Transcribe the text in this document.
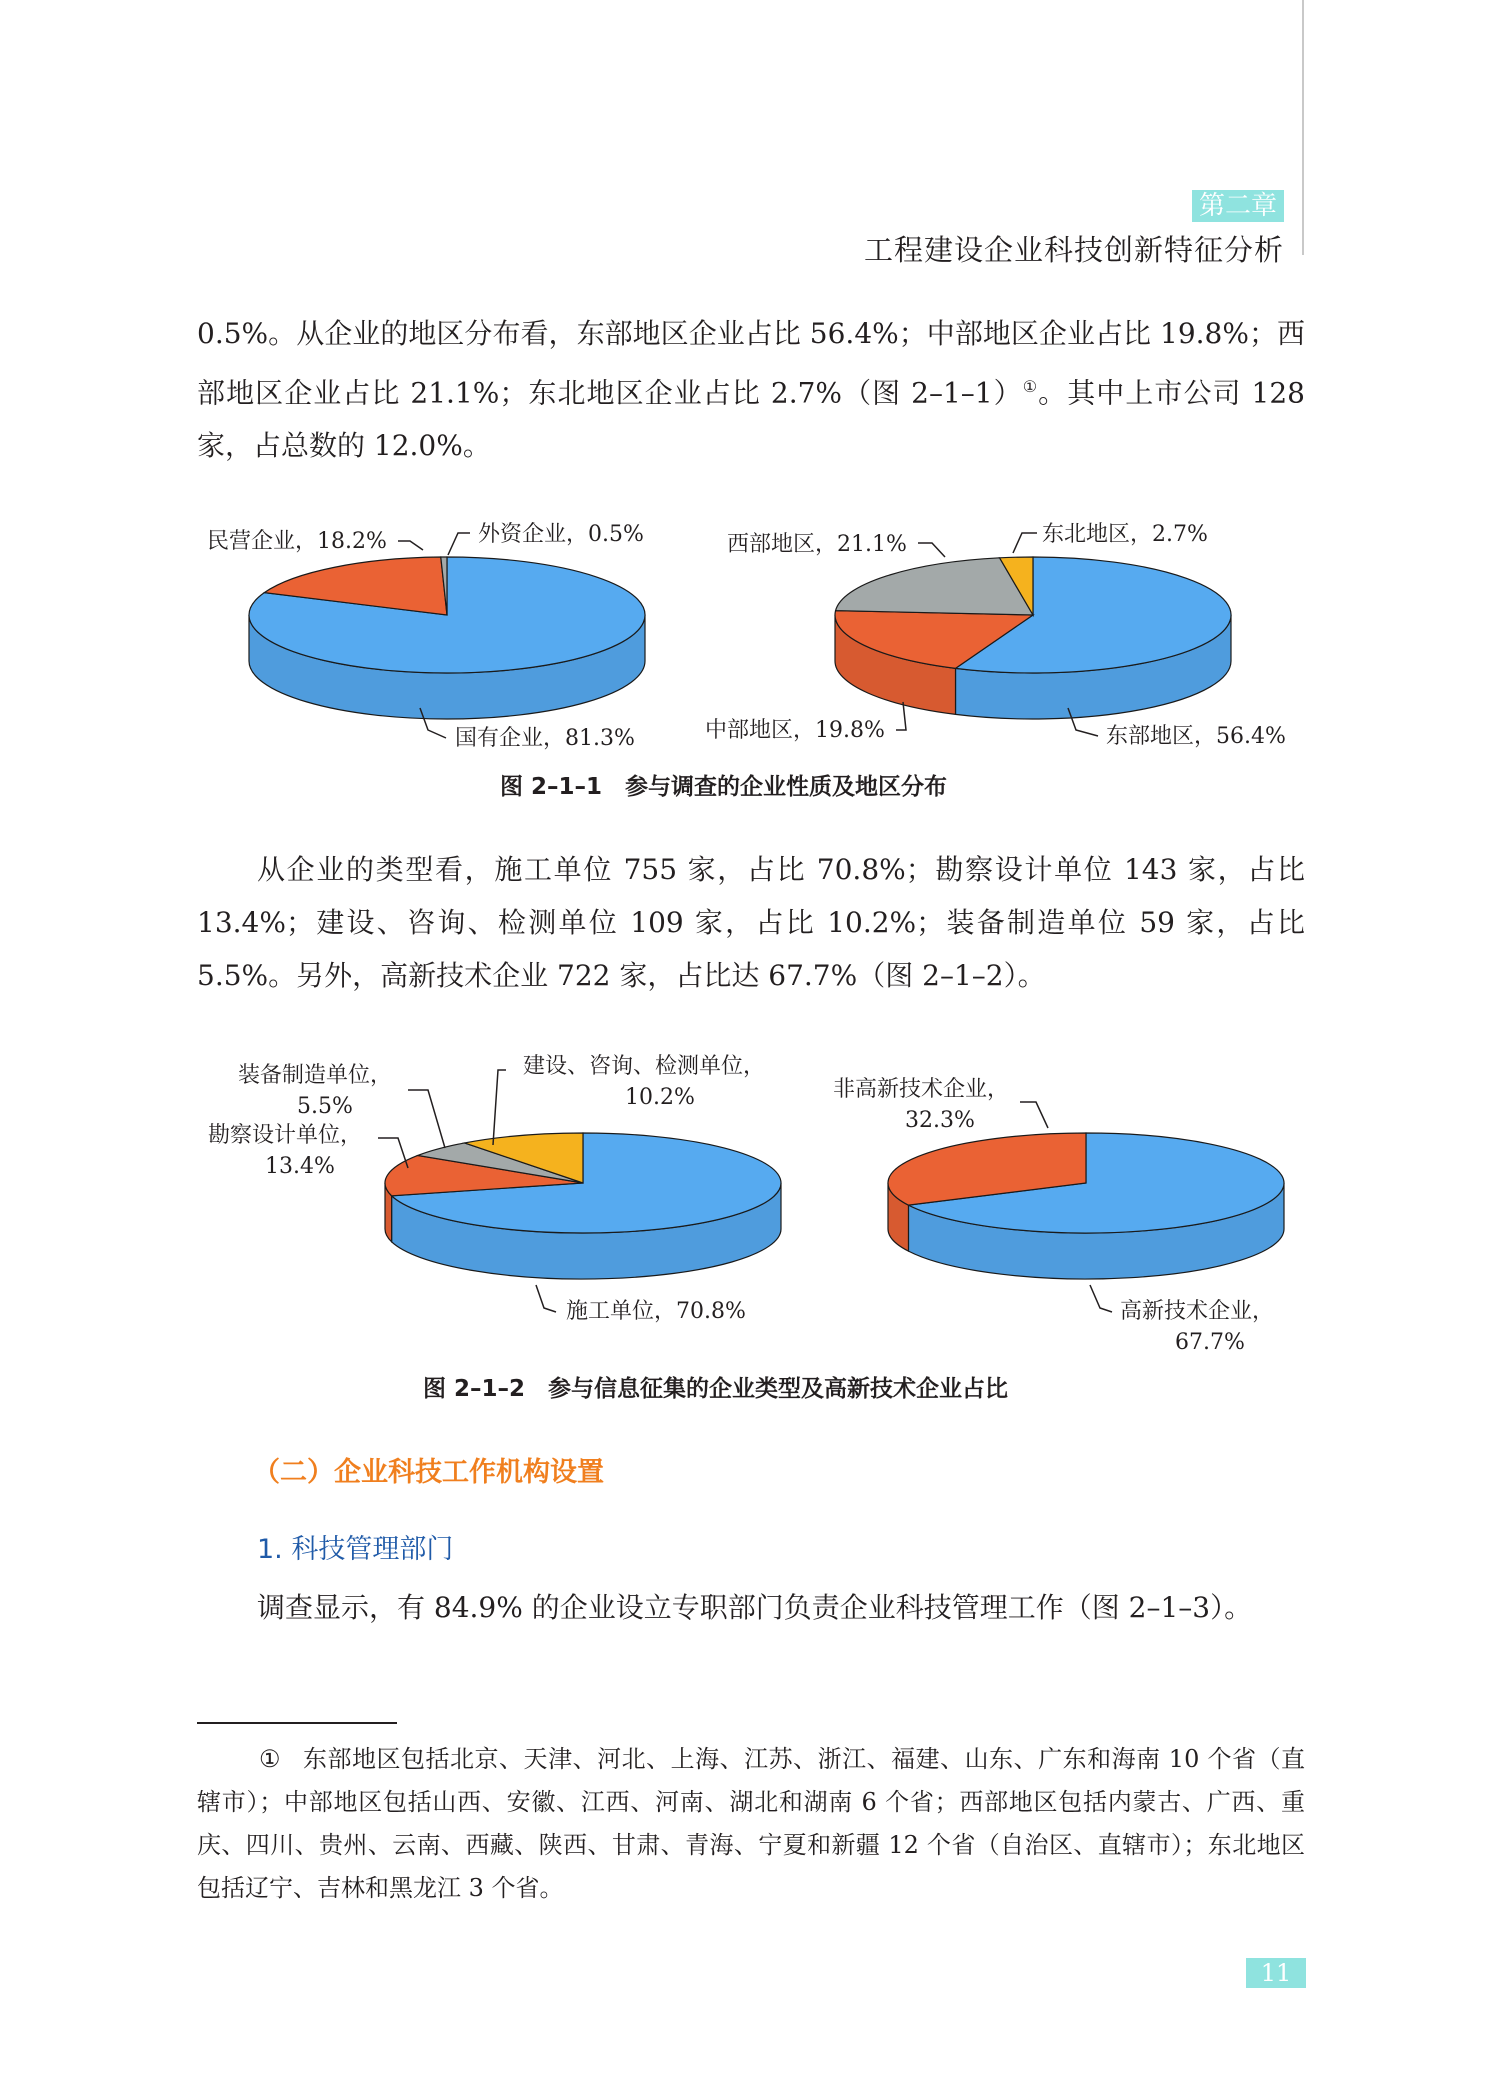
第二章
工程建设企业科技创新特征分析

0.5%。从企业的地区分布看，东部地区企业占比 56.4%；中部地区企业占比 19.8%；西部地区企业占比 21.1%；东北地区企业占比 2.7%（图 2–1–1）①。其中上市公司 128 家，占总数的 12.0%。

民营企业，18.2%	外资企业，0.5%
国有企业，81.3%
西部地区，21.1%	东北地区，2.7%
中部地区，19.8%	东部地区，56.4%
装备制造单位，
5.5%
建设、咨询、检测单位，
10.2%
勘察设计单位，
13.4%
施工单位，70.8%
非高新技术企业，
32.3%
高新技术企业，
67.7%
图 2–1–1　参与调查的企业性质及地区分布

从企业的类型看，施工单位 755 家，占比 70.8%；勘察设计单位 143 家，占比 13.4%；建设、咨询、检测单位 109 家，占比 10.2%；装备制造单位 59 家，占比 5.5%。另外，高新技术企业 722 家，占比达 67.7%（图 2–1–2）。

图 2–1–2　参与信息征集的企业类型及高新技术企业占比
（二）企业科技工作机构设置
1. 科技管理部门

调查显示，有 84.9% 的企业设立专职部门负责企业科技管理工作（图 2–1–3）。

① 东部地区包括北京、天津、河北、上海、江苏、浙江、福建、山东、广东和海南 10 个省（直辖市）；中部地区包括山西、安徽、江西、河南、湖北和湖南 6 个省；西部地区包括内蒙古、广西、重庆、四川、贵州、云南、西藏、陕西、甘肃、青海、宁夏和新疆 12 个省（自治区、直辖市）；东北地区包括辽宁、吉林和黑龙江 3 个省。

11
